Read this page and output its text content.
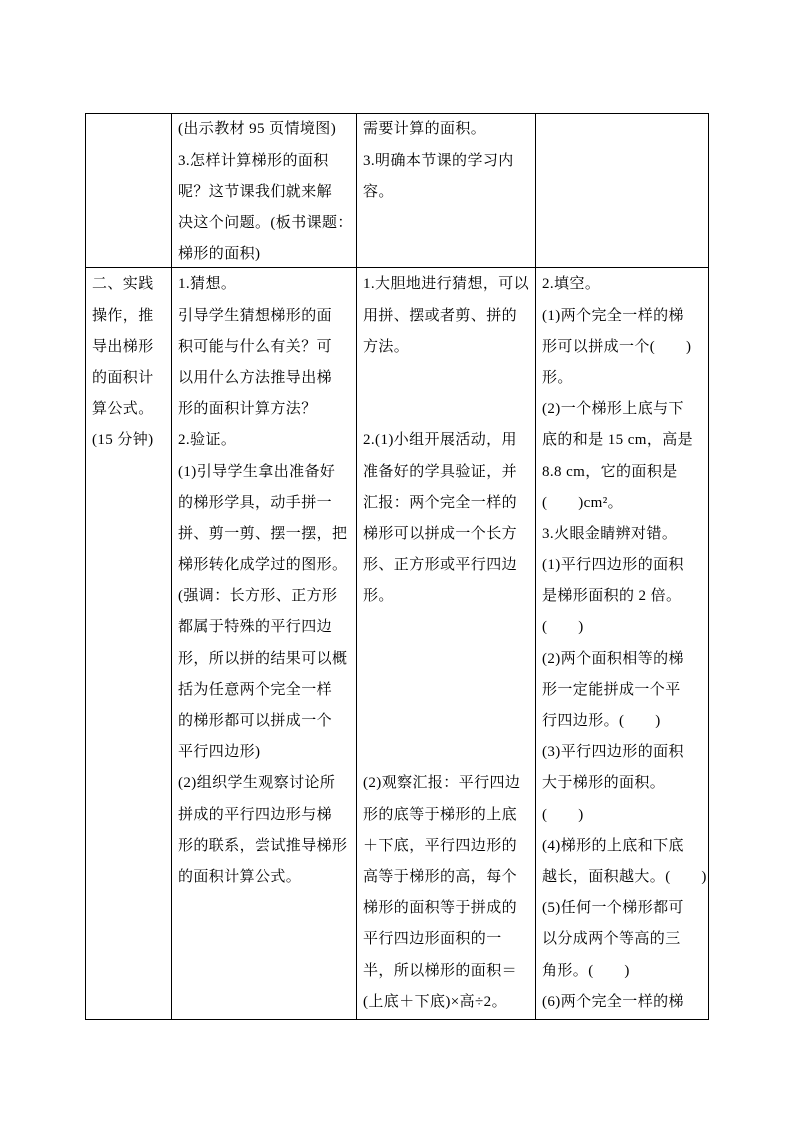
(出示教材 95 页情境图)
3.怎样计算梯形的面积
呢？这节课我们就来解
决这个问题。(板书课题：
梯形的面积)
需要计算的面积。
3.明确本节课的学习内
容。
二、实践
操作，推
导出梯形
的面积计
算公式。
(15 分钟)
1.猜想。
引导学生猜想梯形的面
积可能与什么有关？可
以用什么方法推导出梯
形的面积计算方法？
2.验证。
(1)引导学生拿出准备好
的梯形学具，动手拼一
拼、剪一剪、摆一摆，把
梯形转化成学过的图形。
(强调：长方形、正方形
都属于特殊的平行四边
形，所以拼的结果可以概
括为任意两个完全一样
的梯形都可以拼成一个
平行四边形)
(2)组织学生观察讨论所
拼成的平行四边形与梯
形的联系，尝试推导梯形
的面积计算公式。
1.大胆地进行猜想，可以
用拼、摆或者剪、拼的
方法。
2.(1)小组开展活动，用
准备好的学具验证，并
汇报：两个完全一样的
梯形可以拼成一个长方
形、正方形或平行四边
形。
(2)观察汇报：平行四边
形的底等于梯形的上底
＋下底，平行四边形的
高等于梯形的高，每个
梯形的面积等于拼成的
平行四边形面积的一
半，所以梯形的面积＝
(上底＋下底)×高÷2。
2.填空。
(1)两个完全一样的梯
形可以拼成一个(　　)
形。
(2)一个梯形上底与下
底的和是 15 cm，高是
8.8 cm，它的面积是
(　　)cm²。
3.火眼金睛辨对错。
(1)平行四边形的面积
是梯形面积的 2 倍。
(　　)
(2)两个面积相等的梯
形一定能拼成一个平
行四边形。(　　)
(3)平行四边形的面积
大于梯形的面积。
(　　)
(4)梯形的上底和下底
越长，面积越大。(　　)
(5)任何一个梯形都可
以分成两个等高的三
角形。(　　)
(6)两个完全一样的梯
